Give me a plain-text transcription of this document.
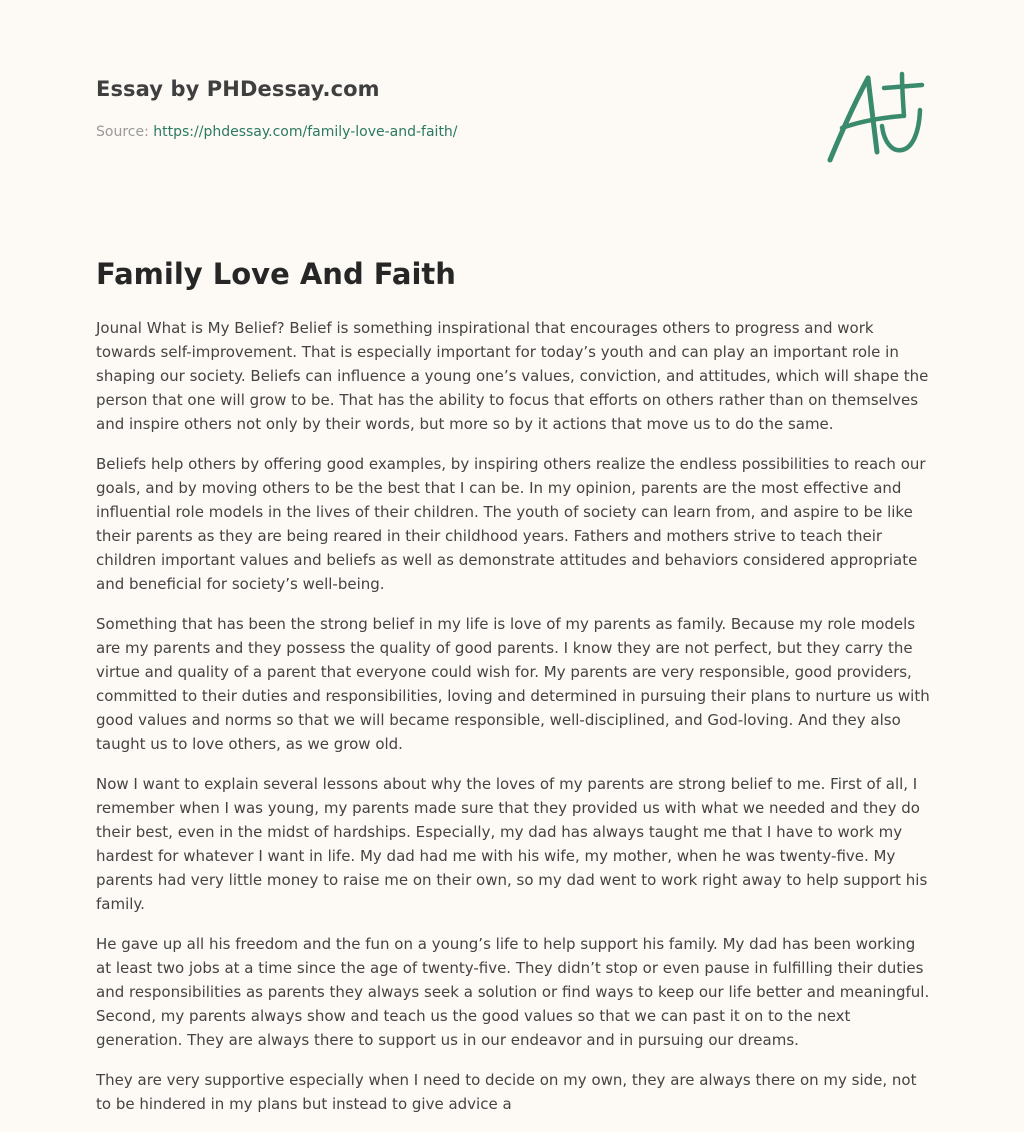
Essay by PHDessay.com
Source: https://phdessay.com/family-love-and-faith/
Family Love And Faith

Jounal What is My Belief? Belief is something inspirational that encourages others to progress and work towards self-improvement. That is especially important for today’s youth and can play an important role in shaping our society. Beliefs can influence a young one’s values, conviction, and attitudes, which will shape the person that one will grow to be. That has the ability to focus that efforts on others rather than on themselves and inspire others not only by their words, but more so by it actions that move us to do the same.

Beliefs help others by offering good examples, by inspiring others realize the endless possibilities to reach our goals, and by moving others to be the best that I can be. In my opinion, parents are the most effective and influential role models in the lives of their children. The youth of society can learn from, and aspire to be like their parents as they are being reared in their childhood years. Fathers and mothers strive to teach their children important values and beliefs as well as demonstrate attitudes and behaviors considered appropriate and beneficial for society’s well-being.

Something that has been the strong belief in my life is love of my parents as family. Because my role models are my parents and they possess the quality of good parents. I know they are not perfect, but they carry the virtue and quality of a parent that everyone could wish for. My parents are very responsible, good providers, committed to their duties and responsibilities, loving and determined in pursuing their plans to nurture us with good values and norms so that we will became responsible, well-disciplined, and God-loving. And they also taught us to love others, as we grow old.

Now I want to explain several lessons about why the loves of my parents are strong belief to me. First of all, I remember when I was young, my parents made sure that they provided us with what we needed and they do their best, even in the midst of hardships. Especially, my dad has always taught me that I have to work my hardest for whatever I want in life. My dad had me with his wife, my mother, when he was twenty-five. My parents had very little money to raise me on their own, so my dad went to work right away to help support his family.

He gave up all his freedom and the fun on a young’s life to help support his family. My dad has been working at least two jobs at a time since the age of twenty-five. They didn’t stop or even pause in fulfilling their duties and responsibilities as parents they always seek a solution or find ways to keep our life better and meaningful. Second, my parents always show and teach us the good values so that we can past it on to the next generation. They are always there to support us in our endeavor and in pursuing our dreams.

They are very supportive especially when I need to decide on my own, they are always there on my side, not to be hindered in my plans but instead to give advice a
